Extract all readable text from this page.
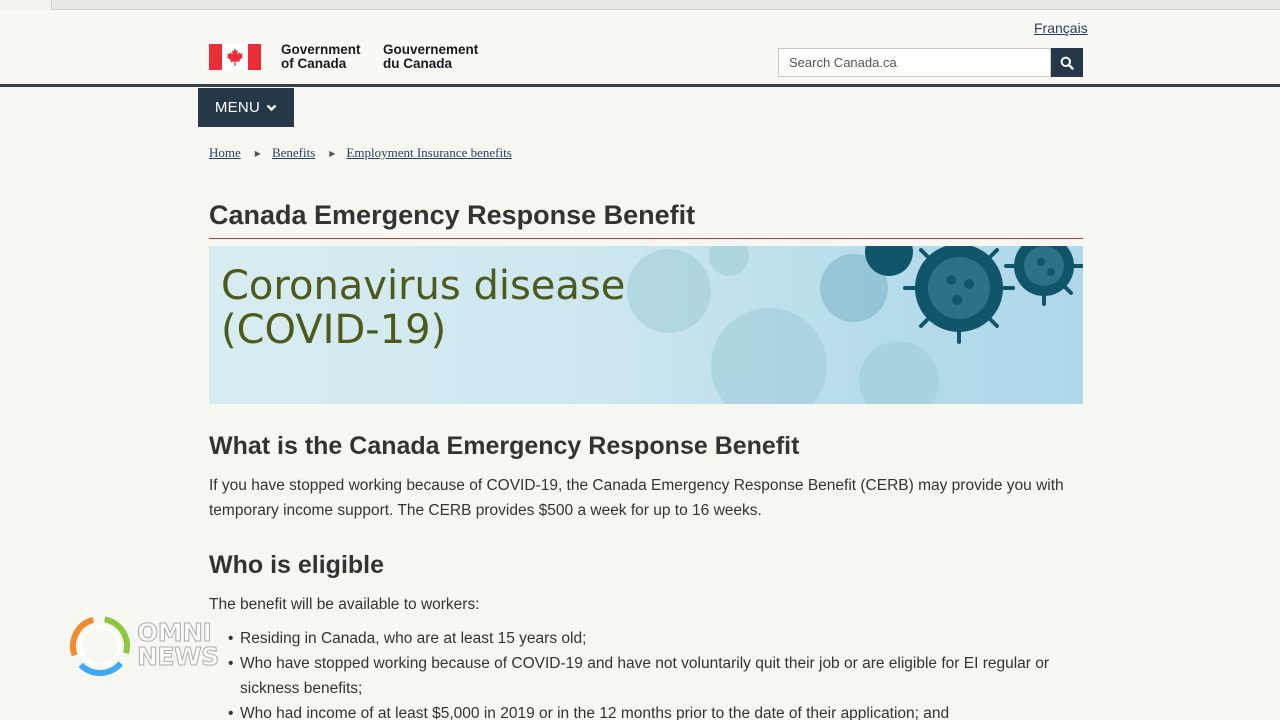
Français
Government
of Canada
Gouvernement
du Canada
Search Canada.ca
MENU
Home ▶ Benefits ▶ Employment Insurance benefits
Canada Emergency Response Benefit
Coronavirus disease
(COVID-19)
What is the Canada Emergency Response Benefit

If you have stopped working because of COVID-19, the Canada Emergency Response Benefit (CERB) may provide you with temporary income support. The CERB provides $500 a week for up to 16 weeks.

Who is eligible

The benefit will be available to workers:

• Residing in Canada, who are at least 15 years old;
• Who have stopped working because of COVID-19 and have not voluntarily quit their job or are eligible for EI regular or sickness benefits;
• Who had income of at least $5,000 in 2019 or in the 12 months prior to the date of their application; and
OMNI
NEWS
